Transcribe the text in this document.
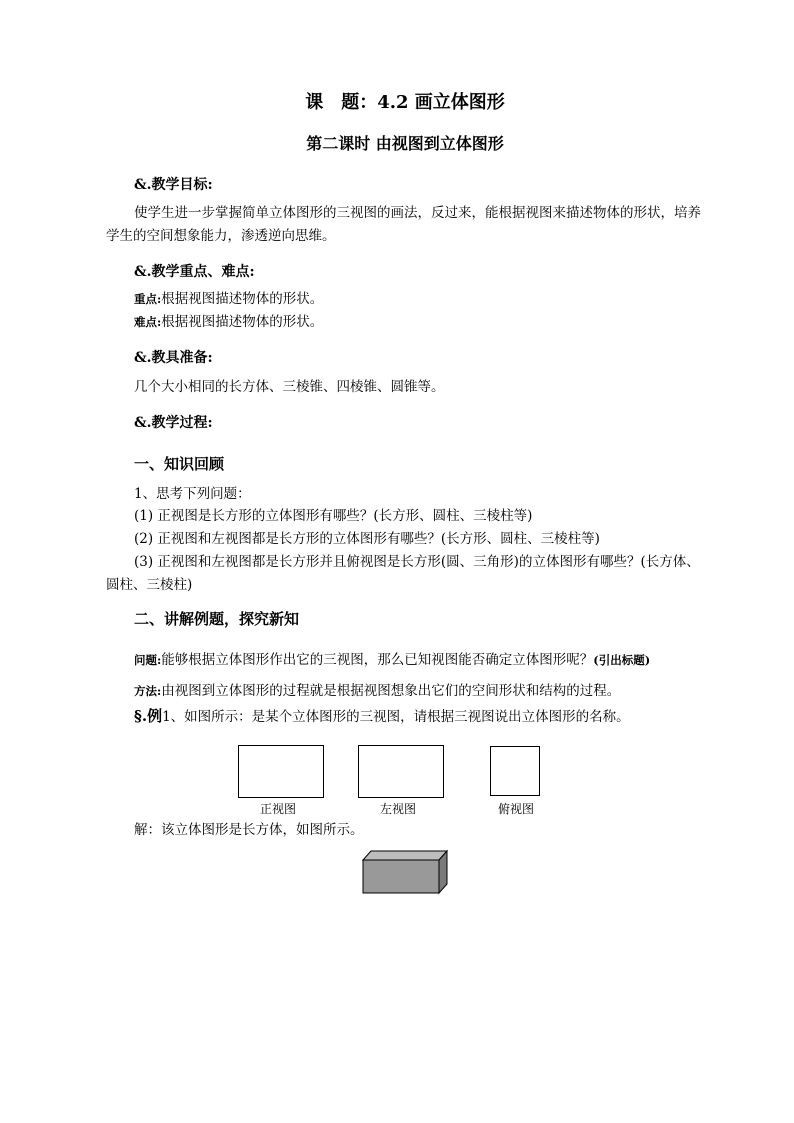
课　题：4.2 画立体图形
第二课时 由视图到立体图形
&.教学目标:
使学生进一步掌握简单立体图形的三视图的画法，反过来，能根据视图来描述物体的形状，培养学生的空间想象能力，渗透逆向思维。
&.教学重点、难点:
重点:根据视图描述物体的形状。
难点:根据视图描述物体的形状。
&.教具准备:
几个大小相同的长方体、三棱锥、四棱锥、圆锥等。
&.教学过程:
一、知识回顾
1、思考下列问题：
(1) 正视图是长方形的立体图形有哪些？(长方形、圆柱、三棱柱等)
(2) 正视图和左视图都是长方形的立体图形有哪些？(长方形、圆柱、三棱柱等)
(3) 正视图和左视图都是长方形并且俯视图是长方形(圆、三角形)的立体图形有哪些？(长方体、圆柱、三棱柱)
二、讲解例题，探究新知
问题:能够根据立体图形作出它的三视图，那么已知视图能否确定立体图形呢？(引出标题)
方法:由视图到立体图形的过程就是根据视图想象出它们的空间形状和结构的过程。
§.例1、如图所示：是某个立体图形的三视图，请根据三视图说出立体图形的名称。
正视图	左视图	俯视图
解：该立体图形是长方体，如图所示。
